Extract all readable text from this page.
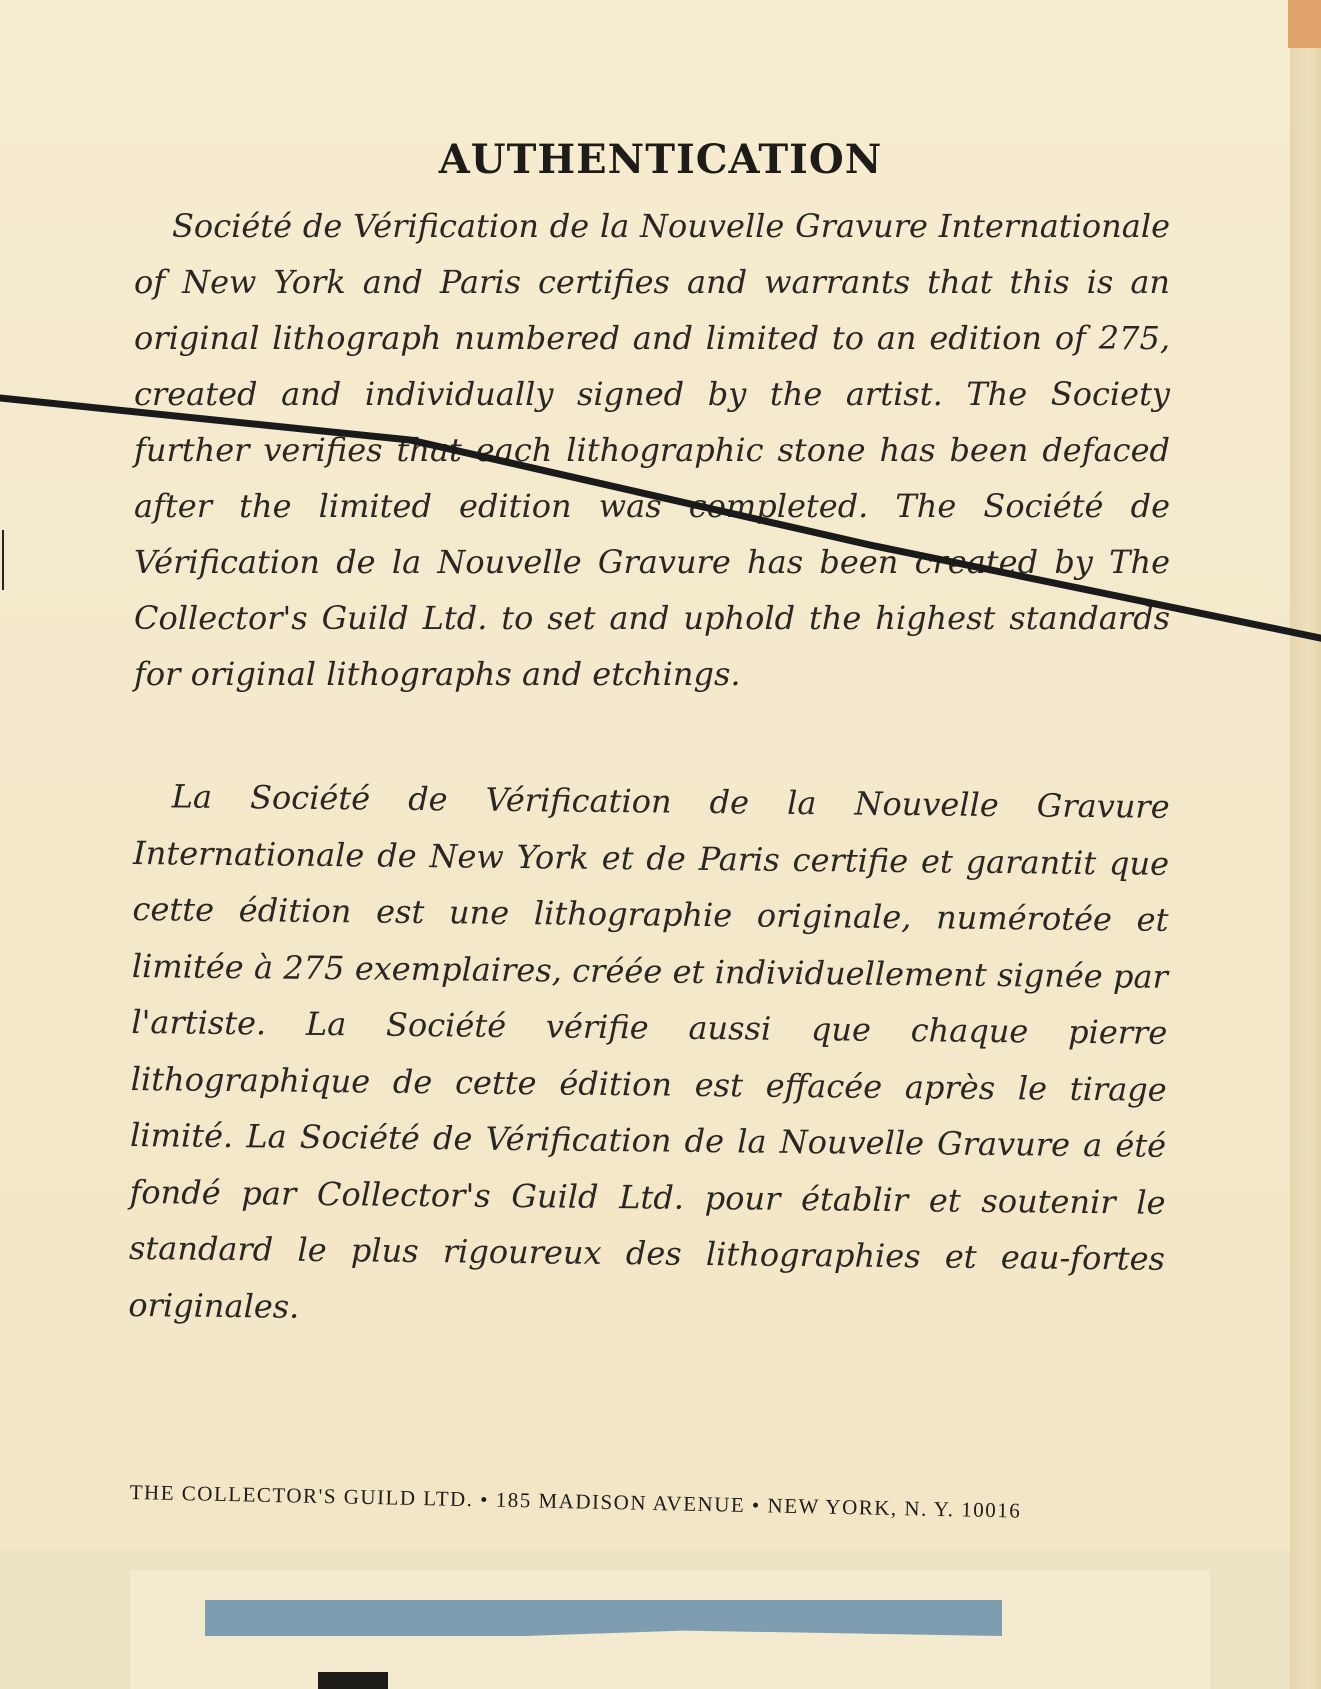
AUTHENTICATION

Société de Vérification de la Nouvelle Gravure Internationale of New York and Paris certifies and warrants that this is an original lithograph numbered and limited to an edition of 275, created and individually signed by the artist. The Society further verifies that each lithographic stone has been defaced after the limited edition was completed. The Société de Vérification de la Nouvelle Gravure has been created by The Collector's Guild Ltd. to set and uphold the highest standards for original lithographs and etchings.

La Société de Vérification de la Nouvelle Gravure Internationale de New York et de Paris certifie et garantit que cette édition est une lithographie originale, numérotée et limitée à 275 exemplaires, créée et individuellement signée par l'artiste. La Société vérifie aussi que chaque pierre lithographique de cette édition est effacée après le tirage limité. La Société de Vérification de la Nouvelle Gravure a été fondé par Collector's Guild Ltd. pour établir et soutenir le standard le plus rigoureux des lithographies et eau-fortes originales.

THE COLLECTOR'S GUILD LTD. • 185 MADISON AVENUE • NEW YORK, N. Y. 10016
